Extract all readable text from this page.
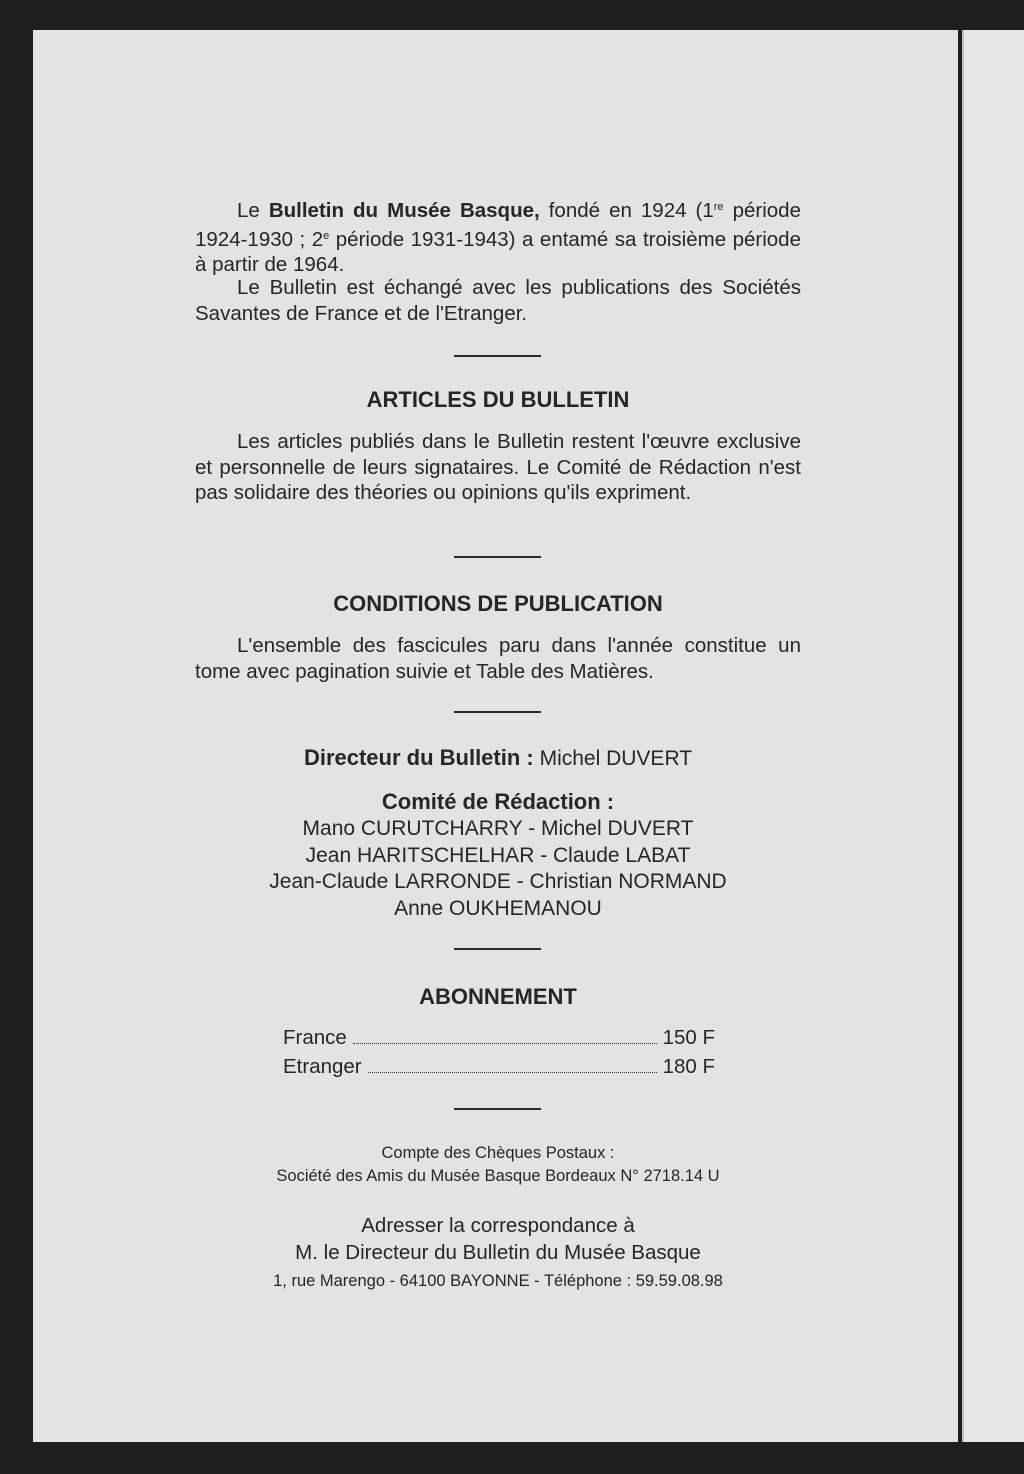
Le Bulletin du Musée Basque, fondé en 1924 (1re période 1924-1930 ; 2e période 1931-1943) a entamé sa troisième période à partir de 1964.
Le Bulletin est échangé avec les publications des Sociétés Savantes de France et de l'Etranger.
ARTICLES DU BULLETIN
Les articles publiés dans le Bulletin restent l'œuvre exclusive et personnelle de leurs signataires. Le Comité de Rédaction n'est pas solidaire des théories ou opinions qu'ils expriment.
CONDITIONS DE PUBLICATION
L'ensemble des fascicules paru dans l'année constitue un tome avec pagination suivie et Table des Matières.
Directeur du Bulletin : Michel DUVERT
Comité de Rédaction :
Mano CURUTCHARRY - Michel DUVERT
Jean HARITSCHELHAR - Claude LABAT
Jean-Claude LARRONDE - Christian NORMAND
Anne OUKHEMANOU
ABONNEMENT
France	150 F
Etranger	180 F
Compte des Chèques Postaux :
Société des Amis du Musée Basque Bordeaux N° 2718.14 U
Adresser la correspondance à
M. le Directeur du Bulletin du Musée Basque
1, rue Marengo - 64100 BAYONNE - Téléphone : 59.59.08.98
